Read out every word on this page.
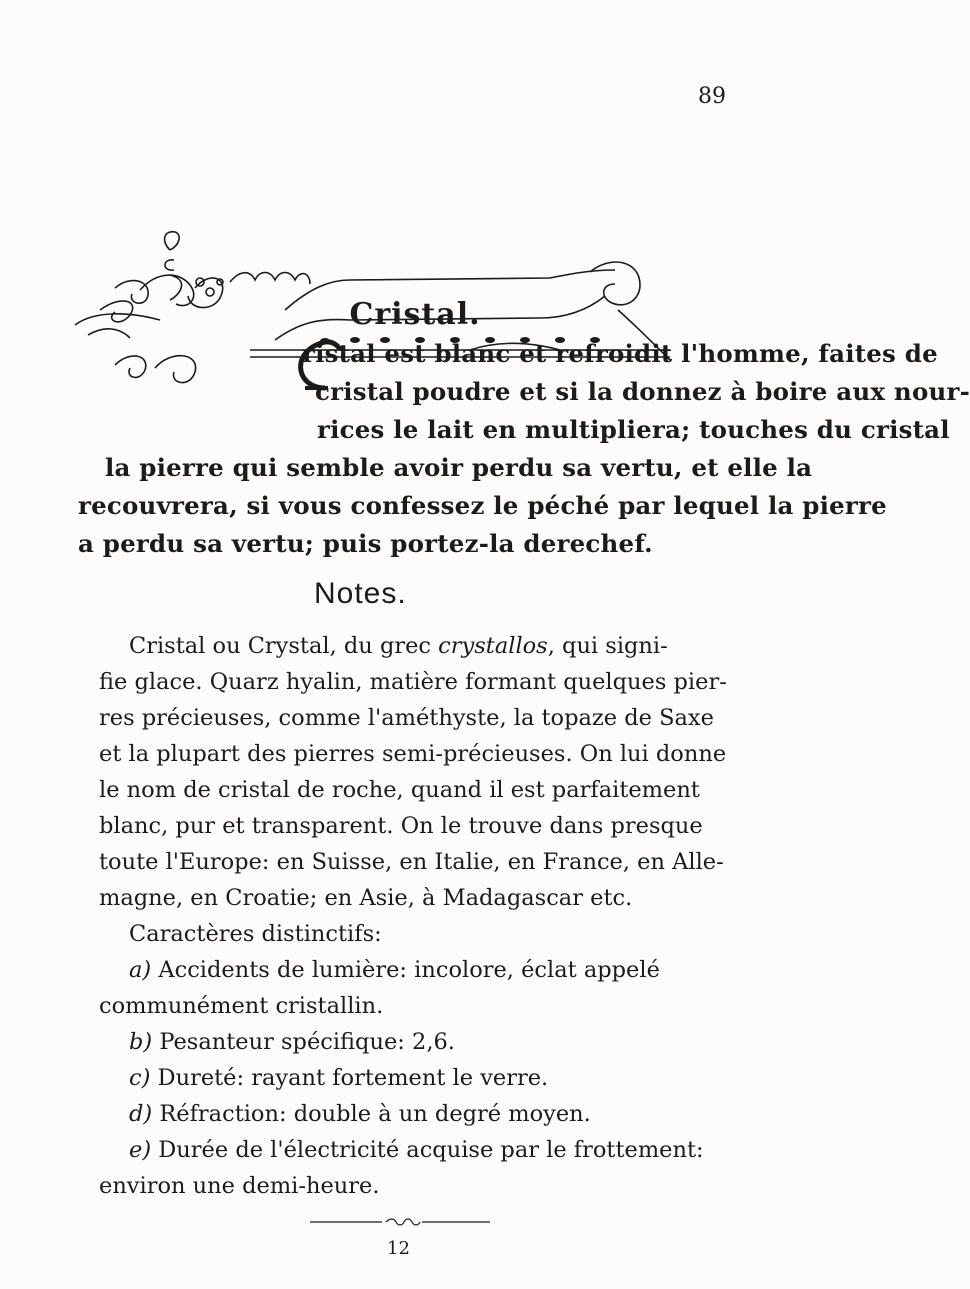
89
Cristal.
ristal est blanc et refroidit l'homme, faites de
cristal poudre et si la donnez à boire aux nour-
rices le lait en multipliera; touches du cristal
la pierre qui semble avoir perdu sa vertu, et elle la
recouvrera, si vous confessez le péché par lequel la pierre
a perdu sa vertu; puis portez-la derechef.
Notes.
Cristal ou Crystal, du grec crystallos, qui signi-
fie glace. Quarz hyalin, matière formant quelques pier-
res précieuses, comme l'améthyste, la topaze de Saxe
et la plupart des pierres semi-précieuses. On lui donne
le nom de cristal de roche, quand il est parfaitement
blanc, pur et transparent. On le trouve dans presque
toute l'Europe: en Suisse, en Italie, en France, en Alle-
magne, en Croatie; en Asie, à Madagascar etc.
Caractères distinctifs:
a) Accidents de lumière: incolore, éclat appelé
communément cristallin.
b) Pesanteur spécifique: 2,6.
c) Dureté: rayant fortement le verre.
d) Réfraction: double à un degré moyen.
e) Durée de l'électricité acquise par le frottement:
environ une demi-heure.
12
